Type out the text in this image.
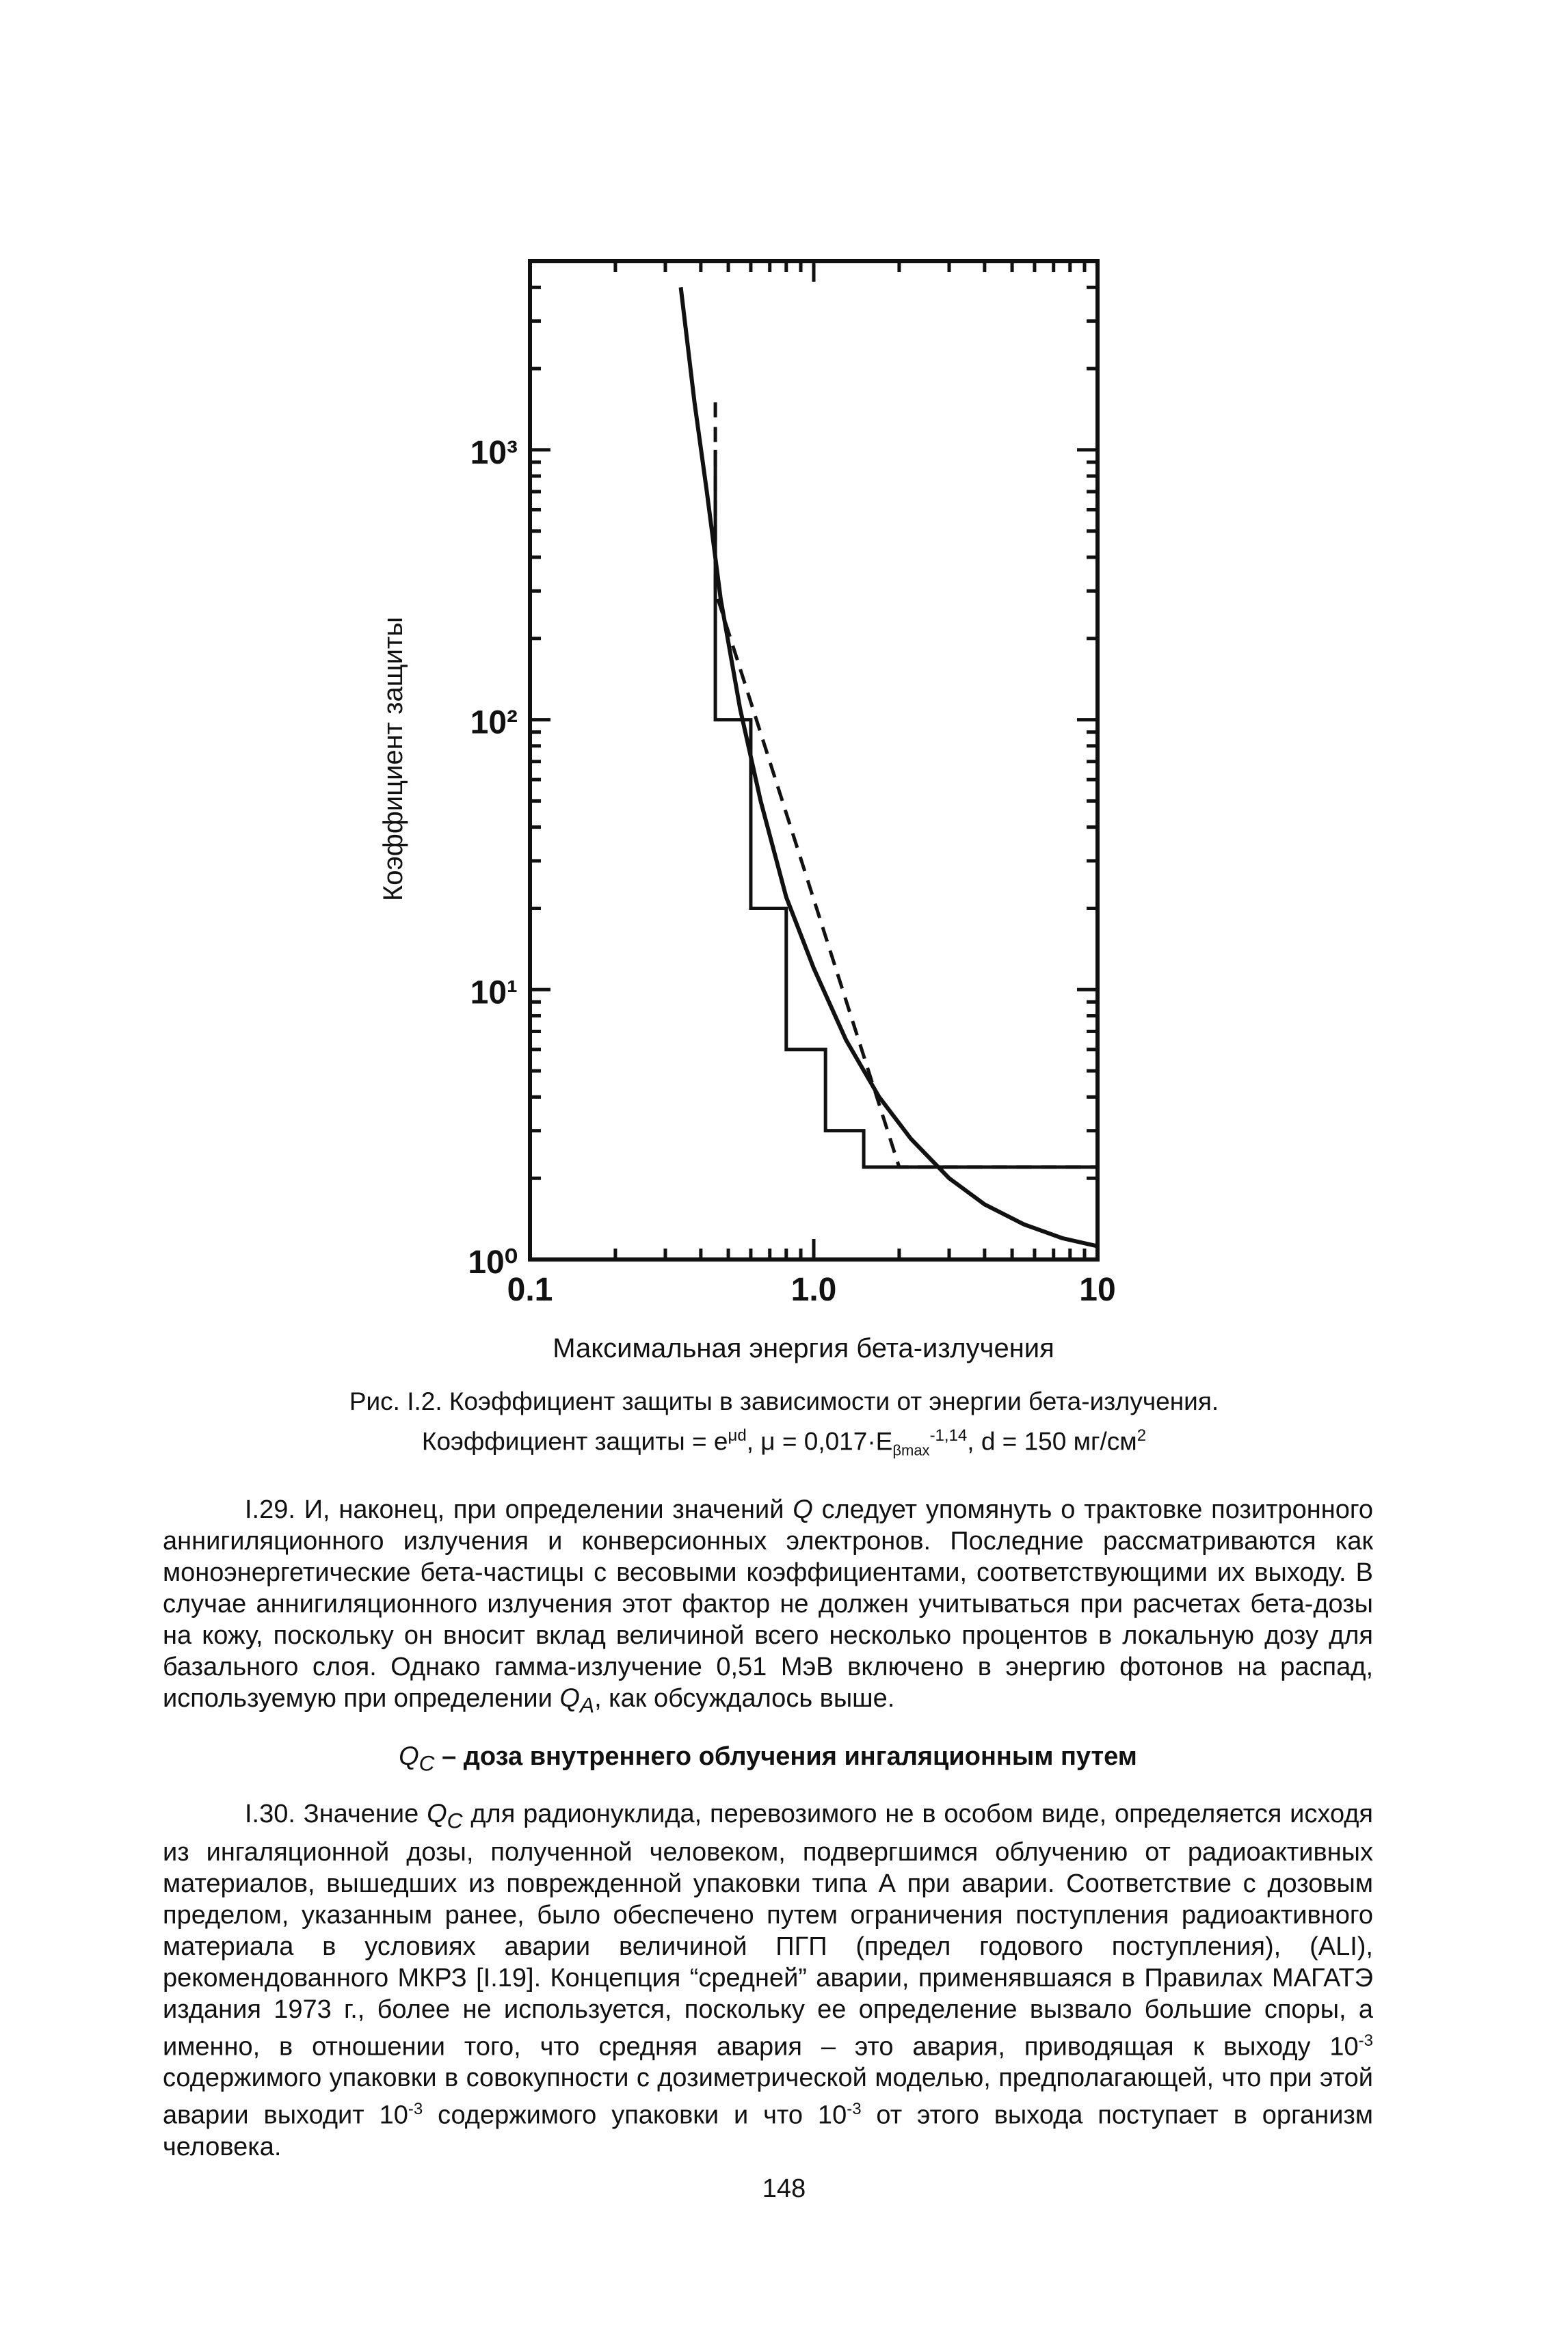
10⁰
10¹
10²
10³
0.1	1.0	10
Коэффициент защиты
Максимальная энергия бета-излучения
Рис. I.2. Коэффициент защиты в зависимости от энергии бета-излучения.
Коэффициент защиты = $e^{\mu d}$, $\mu = 0,017\cdot E_{\beta max}^{-1,14}$, d = 150 $мг/см^2$

I.29. И, наконец, при определении значений Q следует упомянуть о трактовке позитронного аннигиляционного излучения и конверсионных электронов. Последние рассматриваются как моноэнергетические бета-частицы с весовыми коэффициентами, соответствующими их выходу. В случае аннигиляционного излучения этот фактор не должен учитываться при расчетах бета-дозы на кожу, поскольку он вносит вклад величиной всего несколько процентов в локальную дозу для базального слоя. Однако гамма-излучение 0,51 МэВ включено в энергию фотонов на распад, используемую при определении $Q_A$, как обсуждалось выше.

$Q_C$ – доза внутреннего облучения ингаляционным путем

I.30. Значение $Q_C$ для радионуклида, перевозимого не в особом виде, определяется исходя из ингаляционной дозы, полученной человеком, подвергшимся облучению от радиоактивных материалов, вышедших из поврежденной упаковки типа А при аварии. Соответствие с дозовым пределом, указанным ранее, было обеспечено путем ограничения поступления радиоактивного материала в условиях аварии величиной ПГП (предел годового поступления), (ALI), рекомендованного МКРЗ [I.19]. Концепция “средней” аварии, применявшаяся в Правилах МАГАТЭ издания 1973 г., более не используется, поскольку ее определение вызвало большие споры, а именно, в отношении того, что средняя авария – это авария, приводящая к выходу $10^{-3}$ содержимого упаковки в совокупности с дозиметрической моделью, предполагающей, что при этой аварии выходит $10^{-3}$ содержимого упаковки и что $10^{-3}$ от этого выхода поступает в организм человека.

148
